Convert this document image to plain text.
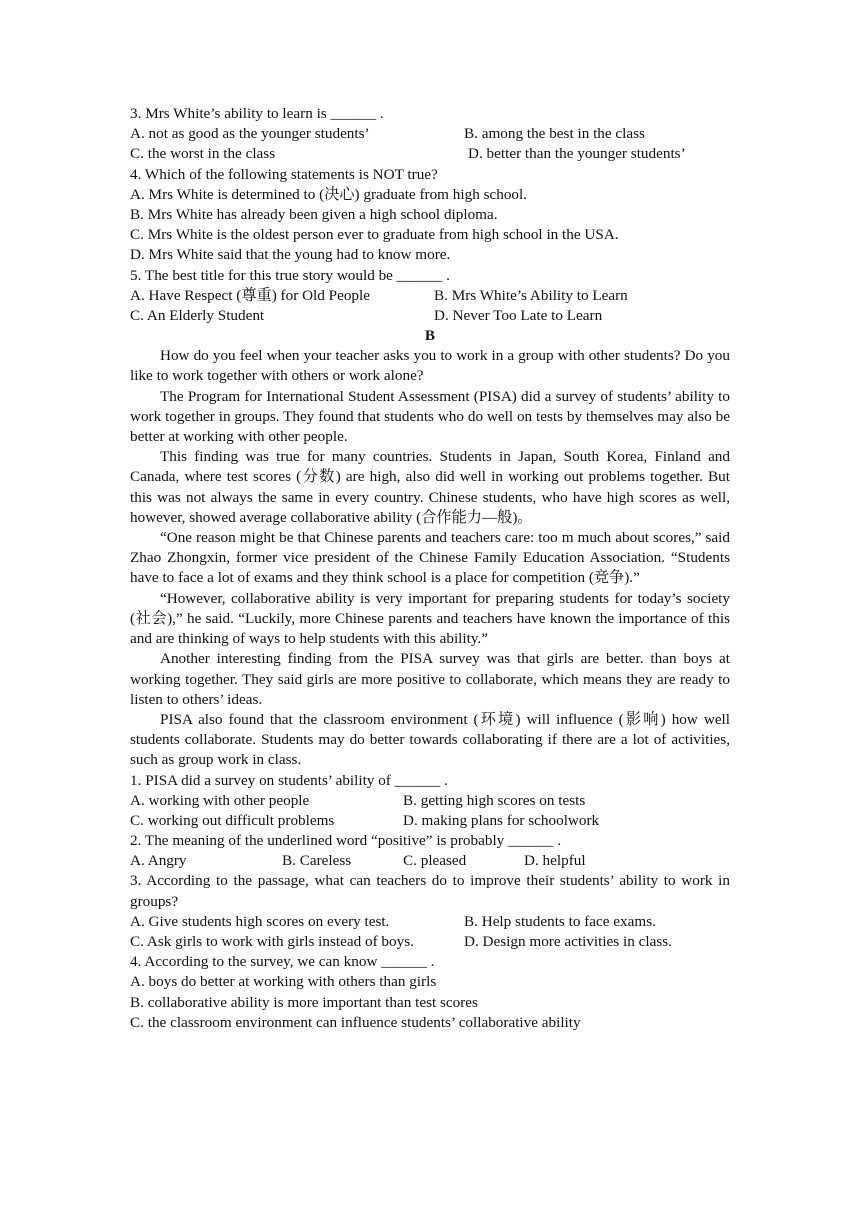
3. Mrs White’s ability to learn is ______ .
A. not as good as the younger students’	B. among the best in the class
C. the worst in the class	D. better than the younger students’
4. Which of the following statements is NOT true?
A. Mrs White is determined to (决心) graduate from high school.
B. Mrs White has already been given a high school diploma.
C. Mrs White is the oldest person ever to graduate from high school in the USA.
D. Mrs White said that the young had to know more.
5. The best title for this true story would be ______ .
A. Have Respect (尊重) for Old People	B. Mrs White’s Ability to Learn
C. An Elderly Student	D. Never Too Late to Learn
B

How do you feel when your teacher asks you to work in a group with other students? Do you like to work together with others or work alone?

The Program for International Student Assessment (PISA) did a survey of students’ ability to work together in groups. They found that students who do well on tests by themselves may also be better at working with other people.

This finding was true for many countries. Students in Japan, South Korea, Finland and Canada, where test scores (分数) are high, also did well in working out problems together. But this was not always the same in every country. Chinese students, who have high scores as well, however, showed average collaborative ability (合作能力—般)。

“One reason might be that Chinese parents and teachers care: too m much about scores,” said Zhao Zhongxin, former vice president of the Chinese Family Education Association. “Students have to face a lot of exams and they think school is a place for competition (竞争).”

“However, collaborative ability is very important for preparing students for today’s society (社会),” he said. “Luckily, more Chinese parents and teachers have known the importance of this and are thinking of ways to help students with this ability.”

Another interesting finding from the PISA survey was that girls are better. than boys at working together. They said girls are more positive to collaborate, which means they are ready to listen to others’ ideas.

PISA also found that the classroom environment (环境) will influence (影响) how well students collaborate. Students may do better towards collaborating if there are a lot of activities, such as group work in class.

1. PISA did a survey on students’ ability of ______ .
A. working with other people	B. getting high scores on tests
C. working out difficult problems	D. making plans for schoolwork
2. The meaning of the underlined word “positive” is probably ______ .
A. Angry	B. Careless	C. pleased	D. helpful

3. According to the passage, what can teachers do to improve their students’ ability to work in groups?

A. Give students high scores on every test.	B. Help students to face exams.
C. Ask girls to work with girls instead of boys.	D. Design more activities in class.
4. According to the survey, we can know ______ .
A. boys do better at working with others than girls
B. collaborative ability is more important than test scores
C. the classroom environment can influence students’ collaborative ability
